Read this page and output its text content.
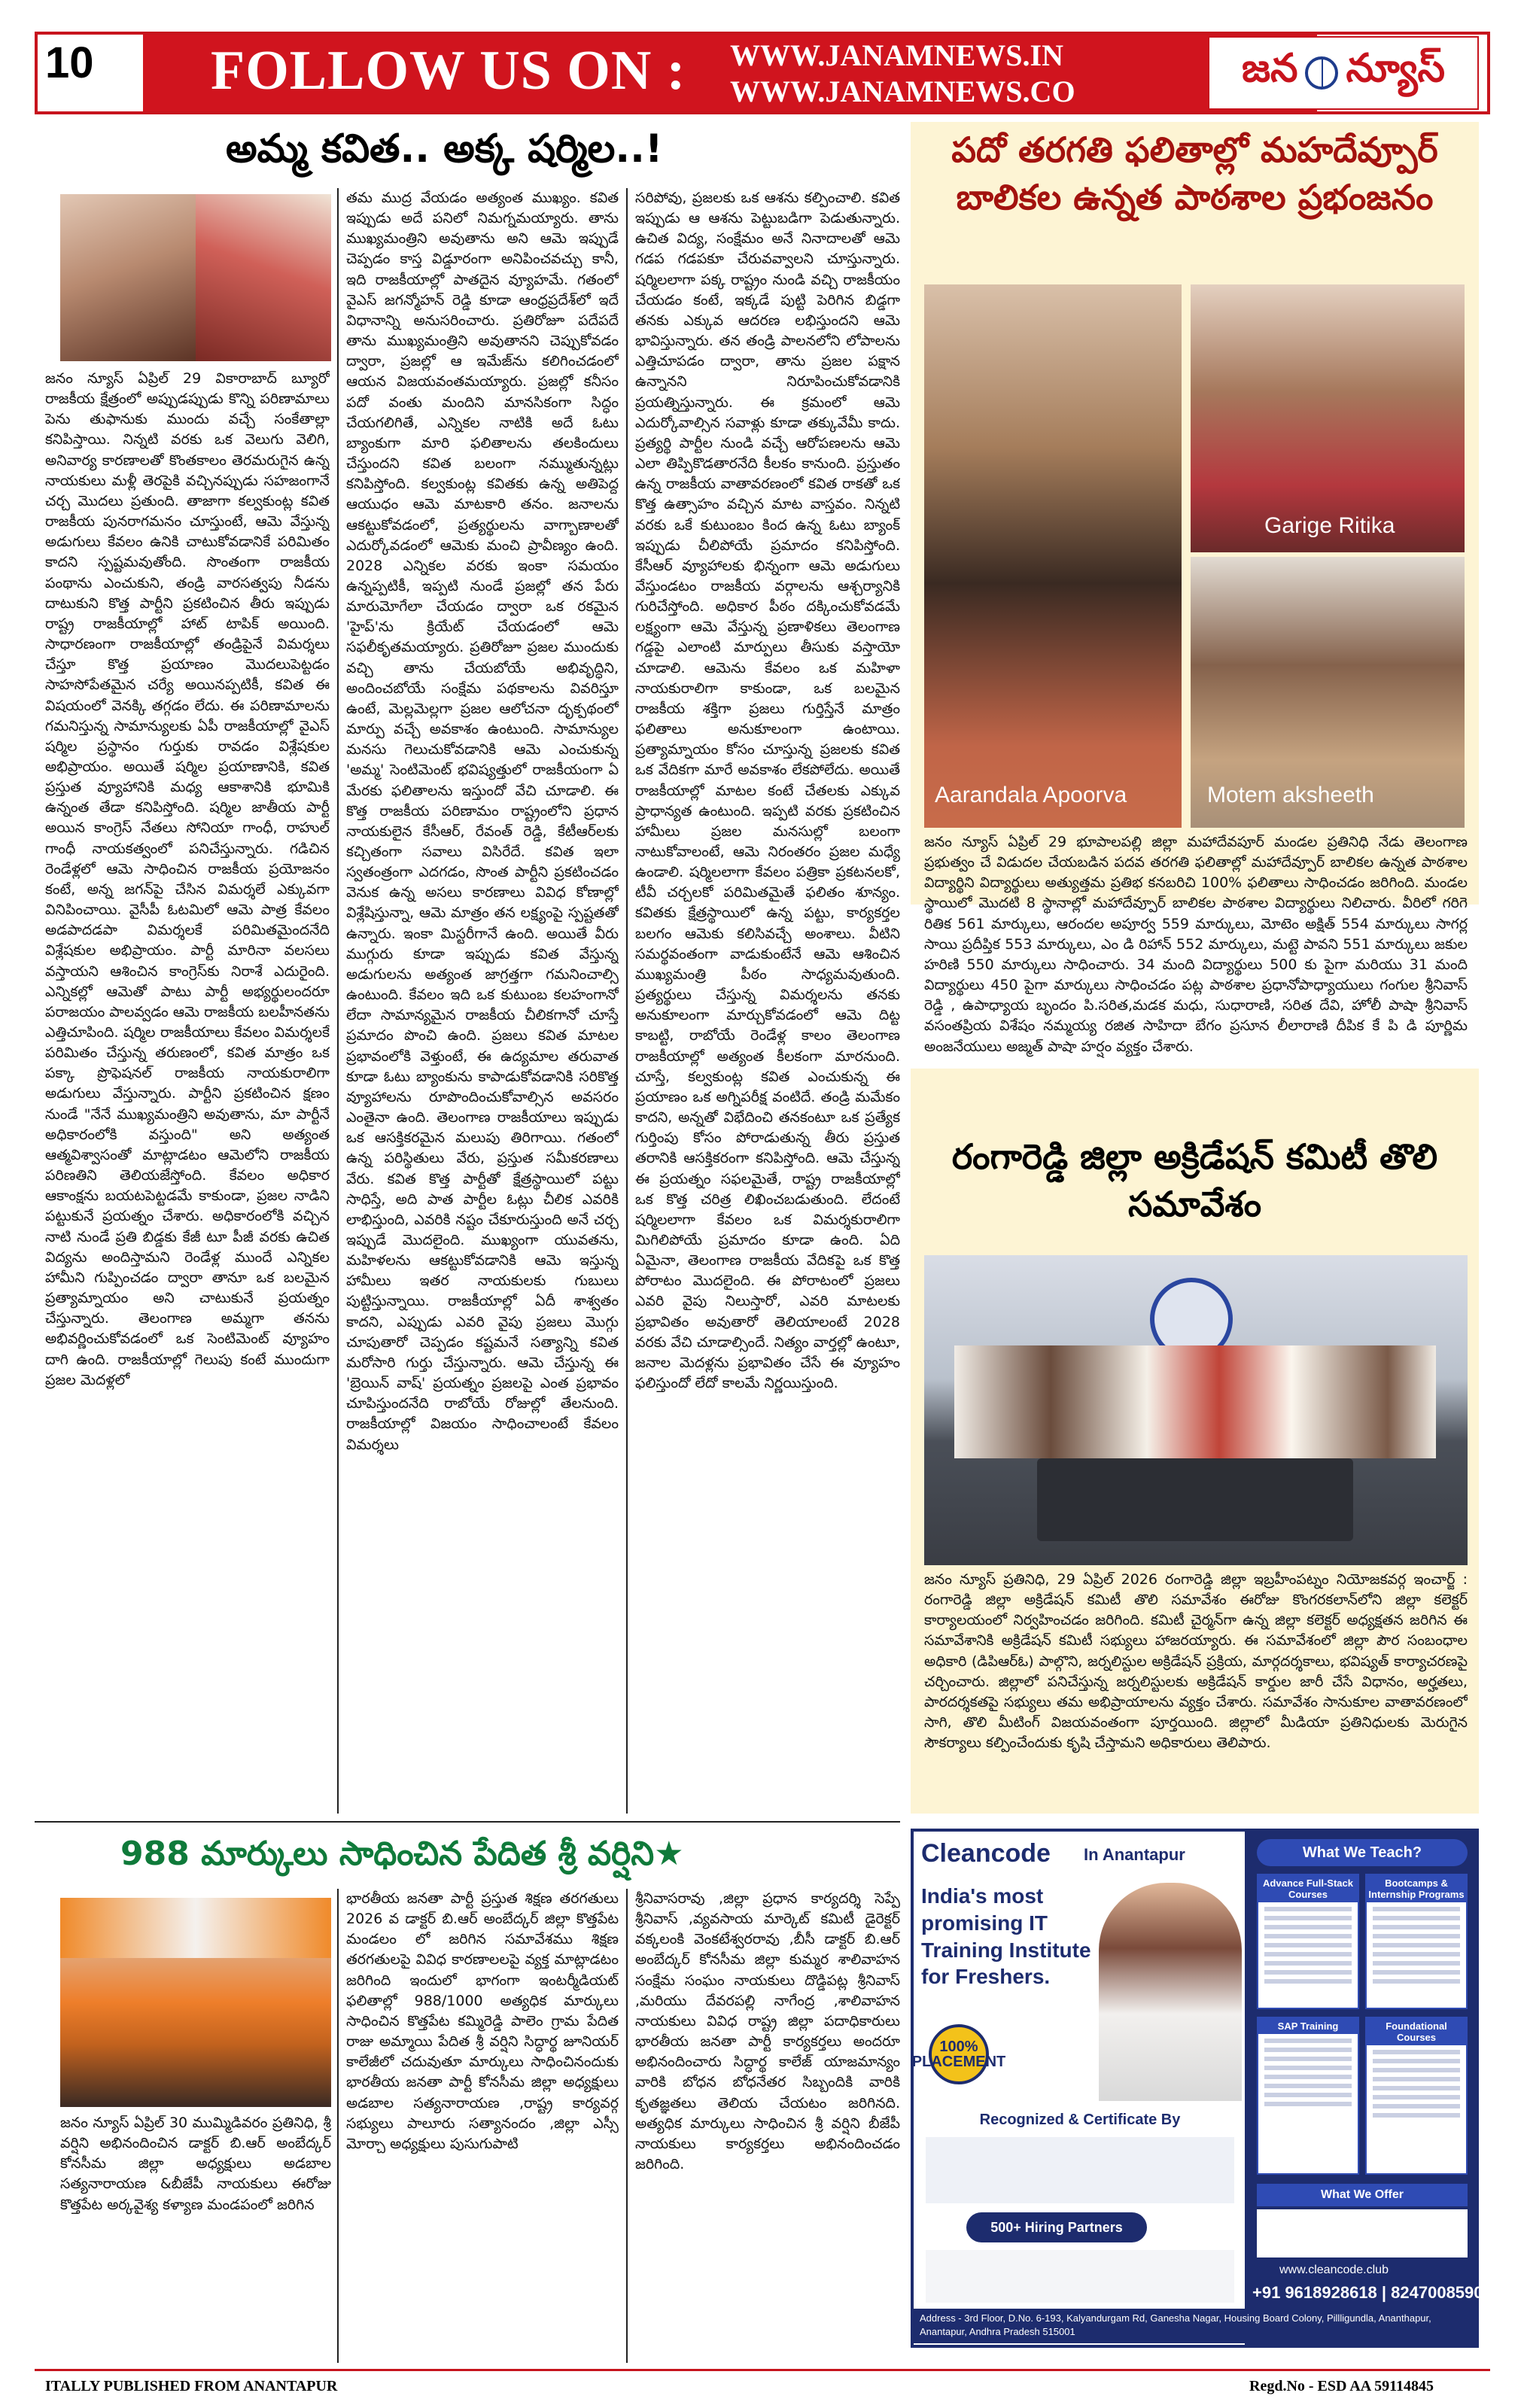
10 FOLLOW US ON : WWW.JANAMNEWS.IN
WWW.JANAMNEWS.CO
జన న్యూస్
అమ్మ కవిత.. అక్క షర్మిల..!
జనం న్యూస్ ఏప్రిల్ 29 వికారాబాద్ బ్యూరో రాజకీయ క్షేత్రంలో అప్పుడప్పుడు కొన్ని పరిణామాలు పెను తుఫానుకు ముందు వచ్చే సంకేతాల్లా కనిపిస్తాయి. నిన్నటి వరకు ఒక వెలుగు వెలిగి, అనివార్య కారణాలతో కొంతకాలం తెరమరుగైన ఉన్న నాయకులు మళ్లీ తెరపైకి వచ్చినప్పుడు సహజంగానే చర్చ మొదలు ప్రతుంది. తాజాగా కల్వకుంట్ల కవిత రాజకీయ పునరాగమనం చూస్తుంటే, ఆమె వేస్తున్న అడుగులు కేవలం ఉనికి చాటుకోవడానికే పరిమితం కాదని స్పష్టమవుతోంది. సొంతంగా రాజకీయ పంథాను ఎంచుకుని, తండ్రి వారసత్వపు నీడను దాటుకుని కొత్త పార్టీని ప్రకటించిన తీరు ఇప్పుడు రాష్ట్ర రాజకీయాల్లో హాట్ టాపిక్ అయింది. సాధారణంగా రాజకీయాల్లో తండ్రిపైనే విమర్శలు చేస్తూ కొత్త ప్రయాణం మొదలుపెట్టడం సాహసోపేతమైన చర్యే అయినప్పటికీ, కవిత ఈ విషయంలో వెనక్కి తగ్గడం లేదు. ఈ పరిణామాలను గమనిస్తున్న సామాన్యులకు ఏపీ రాజకీయాల్లో వైఎస్ షర్మిల ప్రస్థానం గుర్తుకు రావడం విశ్లేషకుల అభిప్రాయం. అయితే షర్మిల ప్రయాణానికి, కవిత ప్రస్తుత వ్యూహానికి మధ్య ఆకాశానికి భూమికి ఉన్నంత తేడా కనిపిస్తోంది. షర్మిల జాతీయ పార్టీ అయిన కాంగ్రెస్ నేతలు సోనియా గాంధీ, రాహుల్ గాంధీ నాయకత్వంలో పనిచేస్తున్నారు. గడిచిన రెండేళ్లలో ఆమె సాధించిన రాజకీయ ప్రయోజనం కంటే, అన్న జగన్‌పై చేసిన విమర్శలే ఎక్కువగా వినిపించాయి. వైసీపీ ఓటమిలో ఆమె పాత్ర కేవలం అడపాదడపా విమర్శలకే పరిమితమైందనేది విశ్లేషకుల అభిప్రాయం. పార్టీ మారినా వలసలు వస్తాయని ఆశించిన కాంగ్రెస్‌కు నిరాశే ఎదురైంది. ఎన్నికల్లో ఆమెతో పాటు పార్టీ అభ్యర్థులందరూ పరాజయం పాలవ్వడం ఆమె రాజకీయ బలహీనతను ఎత్తిచూపింది. షర్మిల రాజకీయాలు కేవలం విమర్శలకే పరిమితం చేస్తున్న తరుణంలో, కవిత మాత్రం ఒక పక్కా ప్రొఫెషనల్ రాజకీయ నాయకురాలిగా అడుగులు వేస్తున్నారు. పార్టీని ప్రకటించిన క్షణం నుండే "నేనే ముఖ్యమంత్రిని అవుతాను, మా పార్టీనే అధికారంలోకి వస్తుంది" అని అత్యంత ఆత్మవిశ్వాసంతో మాట్లాడటం ఆమెలోని రాజకీయ పరిణతిని తెలియజేస్తోంది. కేవలం అధికార ఆకాంక్షను బయటపెట్టడమే కాకుండా, ప్రజల నాడిని పట్టుకునే ప్రయత్నం చేశారు. అధికారంలోకి వచ్చిన నాటి నుండే ప్రతి బిడ్డకు కేజీ టూ పీజీ వరకు ఉచిత విద్యను అందిస్తామని రెండేళ్ల ముందే ఎన్నికల హామీని గుప్పించడం ద్వారా తానూ ఒక బలమైన ప్రత్యామ్నాయం అని చాటుకునే ప్రయత్నం చేస్తున్నారు. తెలంగాణ అమ్మగా తనను అభివర్ణించుకోవడంలో ఒక సెంటిమెంట్ వ్యూహం దాగి ఉంది. రాజకీయాల్లో గెలుపు కంటే ముందుగా ప్రజల మెదళ్లలో
తమ ముద్ర వేయడం అత్యంత ముఖ్యం. కవిత ఇప్పుడు అదే పనిలో నిమగ్నమయ్యారు. తాను ముఖ్యమంత్రిని అవుతాను అని ఆమె ఇప్పుడే చెప్పడం కాస్త విడ్డూరంగా అనిపించవచ్చు కానీ, ఇది రాజకీయాల్లో పాతదైన వ్యూహమే. గతంలో వైఎస్ జగన్మోహన్ రెడ్డి కూడా ఆంధ్రప్రదేశ్‌లో ఇదే విధానాన్ని అనుసరించారు. ప్రతిరోజూ పదేపదే తాను ముఖ్యమంత్రిని అవుతానని చెప్పుకోవడం ద్వారా, ప్రజల్లో ఆ ఇమేజ్‌ను కలిగించడంలో ఆయన విజయవంతమయ్యారు. ప్రజల్లో కనీసం పదో వంతు మందిని మానసికంగా సిద్ధం చేయగలిగితే, ఎన్నికల నాటికి అదే ఓటు బ్యాంకుగా మారి ఫలితాలను తలకిందులు చేస్తుందని కవిత బలంగా నమ్ముతున్నట్లు కనిపిస్తోంది. కల్వకుంట్ల కవితకు ఉన్న అతిపెద్ద ఆయుధం ఆమె మాటకారి తనం. జనాలను ఆకట్టుకోవడంలో, ప్రత్యర్థులను వాగ్బాణాలతో ఎదుర్కోవడంలో ఆమెకు మంచి ప్రావీణ్యం ఉంది. 2028 ఎన్నికల వరకు ఇంకా సమయం ఉన్నప్పటికీ, ఇప్పటి నుండే ప్రజల్లో తన పేరు మారుమోగేలా చేయడం ద్వారా ఒక రకమైన 'హైప్'ను క్రియేట్ చేయడంలో ఆమె సఫలీకృతమయ్యారు. ప్రతిరోజూ ప్రజల ముందుకు వచ్చి తాను చేయబోయే అభివృద్ధిని, అందించబోయే సంక్షేమ పథకాలను వివరిస్తూ ఉంటే, మెల్లమెల్లగా ప్రజల ఆలోచనా దృక్పథంలో మార్పు వచ్చే అవకాశం ఉంటుంది. సామాన్యుల మనసు గెలుచుకోవడానికి ఆమె ఎంచుకున్న 'అమ్మ' సెంటిమెంట్ భవిష్యత్తులో రాజకీయంగా ఏ మేరకు ఫలితాలను ఇస్తుందో వేచి చూడాలి. ఈ కొత్త రాజకీయ పరిణామం రాష్ట్రంలోని ప్రధాన నాయకులైన కేసీఆర్, రేవంత్ రెడ్డి, కేటీఆర్‌లకు కచ్చితంగా సవాలు విసిరేదే. కవిత ఇలా స్వతంత్రంగా ఎదగడం, సొంత పార్టీని ప్రకటించడం వెనుక ఉన్న అసలు కారణాలు వివిధ కోణాల్లో విశ్లేషిస్తున్నా, ఆమె మాత్రం తన లక్ష్యంపై స్పష్టతతో ఉన్నారు. ఇంకా మిస్టరీగానే ఉంది. అయితే వీరు ముగ్గురు కూడా ఇప్పుడు కవిత వేస్తున్న అడుగులను అత్యంత జాగ్రత్తగా గమనించాల్సి ఉంటుంది. కేవలం ఇది ఒక కుటుంబ కలహంగానో లేదా సామాన్యమైన రాజకీయ చీలికగానో చూస్తే ప్రమాదం పొంచి ఉంది. ప్రజలు కవిత మాటల ప్రభావంలోకి వెళ్తుంటే, ఈ ఉద్యమాల తరువాత కూడా ఓటు బ్యాంకును కాపాడుకోవడానికి సరికొత్త వ్యూహాలను రూపొందించుకోవాల్సిన అవసరం ఎంతైనా ఉంది. తెలంగాణ రాజకీయాలు ఇప్పుడు ఒక ఆసక్తికరమైన మలుపు తిరిగాయి. గతంలో ఉన్న పరిస్థితులు వేరు, ప్రస్తుత సమీకరణాలు వేరు. కవిత కొత్త పార్టీతో క్షేత్రస్థాయిలో పట్టు సాధిస్తే, అది పాత పార్టీల ఓట్లు చీలిక ఎవరికి లాభిస్తుంది, ఎవరికి నష్టం చేకూరుస్తుంది అనే చర్చ ఇప్పుడే మొదలైంది. ముఖ్యంగా యువతను, మహిళలను ఆకట్టుకోవడానికి ఆమె ఇస్తున్న హామీలు ఇతర నాయకులకు గుబులు పుట్టిస్తున్నాయి. రాజకీయాల్లో ఏదీ శాశ్వతం కాదని, ఎప్పుడు ఎవరి వైపు ప్రజలు మొగ్గు చూపుతారో చెప్పడం కష్టమనే సత్యాన్ని కవిత మరోసారి గుర్తు చేస్తున్నారు. ఆమె చేస్తున్న ఈ 'బ్రెయిన్ వాష్' ప్రయత్నం ప్రజలపై ఎంత ప్రభావం చూపిస్తుందనేది రాబోయే రోజుల్లో తేలనుంది. రాజకీయాల్లో విజయం సాధించాలంటే కేవలం విమర్శలు
సరిపోవు, ప్రజలకు ఒక ఆశను కల్పించాలి. కవిత ఇప్పుడు ఆ ఆశను పెట్టుబడిగా పెడుతున్నారు. ఉచిత విద్య, సంక్షేమం అనే నినాదాలతో ఆమె గడప గడపకూ చేరువవ్వాలని చూస్తున్నారు. షర్మిలలాగా పక్క రాష్ట్రం నుండి వచ్చి రాజకీయం చేయడం కంటే, ఇక్కడే పుట్టి పెరిగిన బిడ్డగా తనకు ఎక్కువ ఆదరణ లభిస్తుందని ఆమె భావిస్తున్నారు. తన తండ్రి పాలనలోని లోపాలను ఎత్తిచూపడం ద్వారా, తాను ప్రజల పక్షాన ఉన్నానని నిరూపించుకోవడానికి ప్రయత్నిస్తున్నారు. ఈ క్రమంలో ఆమె ఎదుర్కోవాల్సిన సవాళ్లు కూడా తక్కువేమీ కాదు. ప్రత్యర్థి పార్టీల నుండి వచ్చే ఆరోపణలను ఆమె ఎలా తిప్పికొడతారనేది కీలకం కానుంది. ప్రస్తుతం ఉన్న రాజకీయ వాతావరణంలో కవిత రాకతో ఒక కొత్త ఉత్సాహం వచ్చిన మాట వాస్తవం. నిన్నటి వరకు ఒకే కుటుంబం కింద ఉన్న ఓటు బ్యాంక్ ఇప్పుడు చీలిపోయే ప్రమాదం కనిపిస్తోంది. కేసీఆర్ వ్యూహాలకు భిన్నంగా ఆమె అడుగులు వేస్తుండటం రాజకీయ వర్గాలను ఆశ్చర్యానికి గురిచేస్తోంది. అధికార పీఠం దక్కించుకోవడమే లక్ష్యంగా ఆమె వేస్తున్న ప్రణాళికలు తెలంగాణ గడ్డపై ఎలాంటి మార్పులు తీసుకు వస్తాయో చూడాలి. ఆమెను కేవలం ఒక మహిళా నాయకురాలిగా కాకుండా, ఒక బలమైన రాజకీయ శక్తిగా ప్రజలు గుర్తిస్తేనే మాత్రం ఫలితాలు అనుకూలంగా ఉంటాయి. ప్రత్యామ్నాయం కోసం చూస్తున్న ప్రజలకు కవిత ఒక వేదికగా మారే అవకాశం లేకపోలేదు. అయితే రాజకీయాల్లో మాటల కంటే చేతలకు ఎక్కువ ప్రాధాన్యత ఉంటుంది. ఇప్పటి వరకు ప్రకటించిన హామీలు ప్రజల మనసుల్లో బలంగా నాటుకోవాలంటే, ఆమె నిరంతరం ప్రజల మధ్యే ఉండాలి. షర్మిలలాగా కేవలం పత్రికా ప్రకటనలకో, టీవీ చర్చలకో పరిమితమైతే ఫలితం శూన్యం. కవితకు క్షేత్రస్థాయిలో ఉన్న పట్టు, కార్యకర్తల బలగం ఆమెకు కలిసివచ్చే అంశాలు. వీటిని సమర్థవంతంగా వాడుకుంటేనే ఆమె ఆశించిన ముఖ్యమంత్రి పీఠం సాధ్యమవుతుంది. ప్రత్యర్థులు చేస్తున్న విమర్శలను తనకు అనుకూలంగా మార్చుకోవడంలో ఆమె దిట్ట కాబట్టి, రాబోయే రెండేళ్ల కాలం తెలంగాణ రాజకీయాల్లో అత్యంత కీలకంగా మారనుంది. చూస్తే, కల్వకుంట్ల కవిత ఎంచుకున్న ఈ ప్రయాణం ఒక అగ్నిపరీక్ష వంటిదే. తండ్రి మమేకం కాదని, అన్నతో విభేదించి తనకంటూ ఒక ప్రత్యేక గుర్తింపు కోసం పోరాడుతున్న తీరు ప్రస్తుత తరానికి ఆసక్తికరంగా కనిపిస్తోంది. ఆమె చేస్తున్న ఈ ప్రయత్నం సఫలమైతే, రాష్ట్ర రాజకీయాల్లో ఒక కొత్త చరిత్ర లిఖించబడుతుంది. లేదంటే షర్మిలలాగా కేవలం ఒక విమర్శకురాలిగా మిగిలిపోయే ప్రమాదం కూడా ఉంది. ఏది ఏమైనా, తెలంగాణ రాజకీయ వేదికపై ఒక కొత్త పోరాటం మొదలైంది. ఈ పోరాటంలో ప్రజలు ఎవరి వైపు నిలుస్తారో, ఎవరి మాటలకు ప్రభావితం అవుతారో తెలియాలంటే 2028 వరకు వేచి చూడాల్సిందే. నిత్యం వార్తల్లో ఉంటూ, జనాల మెదళ్లను ప్రభావితం చేసే ఈ వ్యూహం ఫలిస్తుందో లేదో కాలమే నిర్ణయిస్తుంది.
పదో తరగతి ఫలితాల్లో మహదేవ్పూర్ బాలికల ఉన్నత పాఠశాల ప్రభంజనం
Aarandala Apoorva
Garige Ritika
Motem aksheeth
జనం న్యూస్ ఏప్రిల్ 29 భూపాలపల్లి జిల్లా మహాదేవపూర్ మండల ప్రతినిధి నేడు తెలంగాణ ప్రభుత్వం చే విడుదల చేయబడిన పదవ తరగతి ఫలితాల్లో మహాదేవ్పూర్ బాలికల ఉన్నత పాఠశాల విద్యార్థిని విద్యార్థులు అత్యుత్తమ ప్రతిభ కనబరిచి 100% ఫలితాలు సాధించడం జరిగింది. మండల స్థాయిలో మొదటి 8 స్థానాల్లో మహాదేవ్పూర్ బాలికల పాఠశాల విద్యార్థులు నిలిచారు. వీరిలో గరిగె రితిక 561 మార్కులు, ఆరందల అపూర్వ 559 మార్కులు, మోటెం అక్షిత్ 554 మార్కులు సాగర్ల సాయి ప్రదీప్తిక 553 మార్కులు, ఎం డి రిహాన్ 552 మార్కులు, మట్టె పావని 551 మార్కులు జకుల హరిణి 550 మార్కులు సాధించారు. 34 మంది విద్యార్థులు 500 కు పైగా మరియు 31 మంది విద్యార్థులు 450 పైగా మార్కులు సాధించడం పట్ల పాఠశాల ప్రధానోపాధ్యాయులు గంగుల శ్రీనివాస్ రెడ్డి , ఉపాధ్యాయ బృందం పి.సరిత,మడక మధు, సుధారాణి, సరిత దేవి, హోలీ పాషా శ్రీనివాస్ వసంతప్రియ విశేషం నమ్మయ్య రజిత సాహిదా బేగం ప్రసూన లీలారాణి దీపిక కే పి డి పూర్ణిమ అంజనేయులు అజ్మత్ పాషా హర్షం వ్యక్తం చేశారు.
రంగారెడ్డి జిల్లా అక్రిడేషన్ కమిటీ తొలి సమావేశం
జనం న్యూస్ ప్రతినిధి, 29 ఏప్రిల్ 2026 రంగారెడ్డి జిల్లా ఇబ్రహీంపట్నం నియోజకవర్గ ఇంచార్జ్ : రంగారెడ్డి జిల్లా అక్రిడేషన్ కమిటీ తొలి సమావేశం ఈరోజు కొంగరకలాన్‌లోని జిల్లా కలెక్టర్ కార్యాలయంలో నిర్వహించడం జరిగింది. కమిటీ చైర్మన్‌గా ఉన్న జిల్లా కలెక్టర్ అధ్యక్షతన జరిగిన ఈ సమావేశానికి అక్రిడేషన్ కమిటీ సభ్యులు హాజరయ్యారు. ఈ సమావేశంలో జిల్లా పౌర సంబంధాల అధికారి (డిపిఆర్ఓ) పాల్గొని, జర్నలిస్టుల అక్రిడేషన్ ప్రక్రియ, మార్గదర్శకాలు, భవిష్యత్ కార్యాచరణపై చర్చించారు. జిల్లాలో పనిచేస్తున్న జర్నలిస్టులకు అక్రిడేషన్ కార్డుల జారీ చేసే విధానం, అర్హతలు, పారదర్శకతపై సభ్యులు తమ అభిప్రాయాలను వ్యక్తం చేశారు. సమావేశం సానుకూల వాతావరణంలో సాగి, తొలి మీటింగ్ విజయవంతంగా పూర్తయింది. జిల్లాలో మీడియా ప్రతినిధులకు మెరుగైన సౌకర్యాలు కల్పించేందుకు కృషి చేస్తామని అధికారులు తెలిపారు.
988 మార్కులు సాధించిన పేదిత శ్రీ వర్షిని★
జనం న్యూస్ ఏప్రిల్ 30 ముమ్మిడివరం ప్రతినిధి, శ్రీ వర్షిని అభినందించిన డాక్టర్ బి.ఆర్ అంబేద్కర్ కోనసీమ జిల్లా అధ్యక్షులు అడబాల సత్యనారాయణ &బీజేపీ నాయకులు ఈరోజు కొత్తపేట అర్కవైశ్య కళ్యాణ మండపంలో జరిగిన
భారతీయ జనతా పార్టీ ప్రస్తుత శిక్షణ తరగతులు 2026 వ డాక్టర్ బి.ఆర్ అంబేద్కర్ జిల్లా కొత్తపేట మండలం లో జరిగిన సమావేశము శిక్షణ తరగతులపై వివిధ కారణాలలపై వ్యక్త మాట్లాడటం జరిగింది ఇందులో భాగంగా ఇంటర్మీడియట్ ఫలితాల్లో 988/1000 అత్యధిక మార్కులు సాధించిన కొత్తపేట కమ్మిరెడ్డి పాలెం గ్రామ పేదిత రాజు అమ్మాయి పేదిత శ్రీ వర్షిని సిద్ధార్థ జూనియర్ కాలేజీలో చదువుతూ మార్కులు సాధించినందుకు భారతీయ జనతా పార్టీ కోనసీమ జిల్లా అధ్యక్షులు అడబాల సత్యనారాయణ ,రాష్ట్ర కార్యవర్గ సభ్యులు పాలూరు సత్యానందం ,జిల్లా ఎస్సీ మోర్చా అధ్యక్షులు పుసుగుపాటి
శ్రీనివాసరావు ,జిల్లా ప్రధాన కార్యదర్శి సెప్పే శ్రీనివాస్ ,వ్యవసాయ మార్కెట్ కమిటీ డైరెక్టర్ వక్కలంకి వెంకటేశ్వరరావు ,బీసీ డాక్టర్ బి.ఆర్ అంబేద్కర్ కోనసీమ జిల్లా కుమ్మర శాలివాహన సంక్షేమ సంఘం నాయకులు దొడ్డిపట్ల శ్రీనివాస్ ,మరియు దేవరపల్లి నాగేంద్ర ,శాలివాహన నాయకులు వివిధ రాష్ట్ర జిల్లా పదాధికారులు భారతీయ జనతా పార్టీ కార్యకర్తలు అందరూ అభినందించారు సిద్ధార్థ కాలేజ్ యాజమాన్యం వారికి బోధన బోధనేతర సిబ్బందికి వారికి కృతజ్ఞతలు తెలియ చేయటం జరిగినది. అత్యధిక మార్కులు సాధించిన శ్రీ వర్షిని బీజేపీ నాయకులు కార్యకర్తలు అభినందించడం జరిగింది.
Cleancode In Anantapur
India's most promising IT Training Institute for Freshers.
100% PLACEMENT
Recognized & Certificate By
500+ Hiring Partners
What We Teach?
Advance Full-Stack Courses
Bootcamps & Internship Programs
SAP Training	Foundational Courses
What We Offer
www.cleancode.club
+91 9618928618 | 8247008590
Address - 3rd Floor, D.No. 6-193, Kalyandurgam Rd, Ganesha Nagar, Housing Board Colony, Pillligundla, Ananthapur, Anantapur, Andhra Pradesh 515001
ITALLY PUBLISHED FROM ANANTAPUR	Regd.No - ESD AA 59114845
